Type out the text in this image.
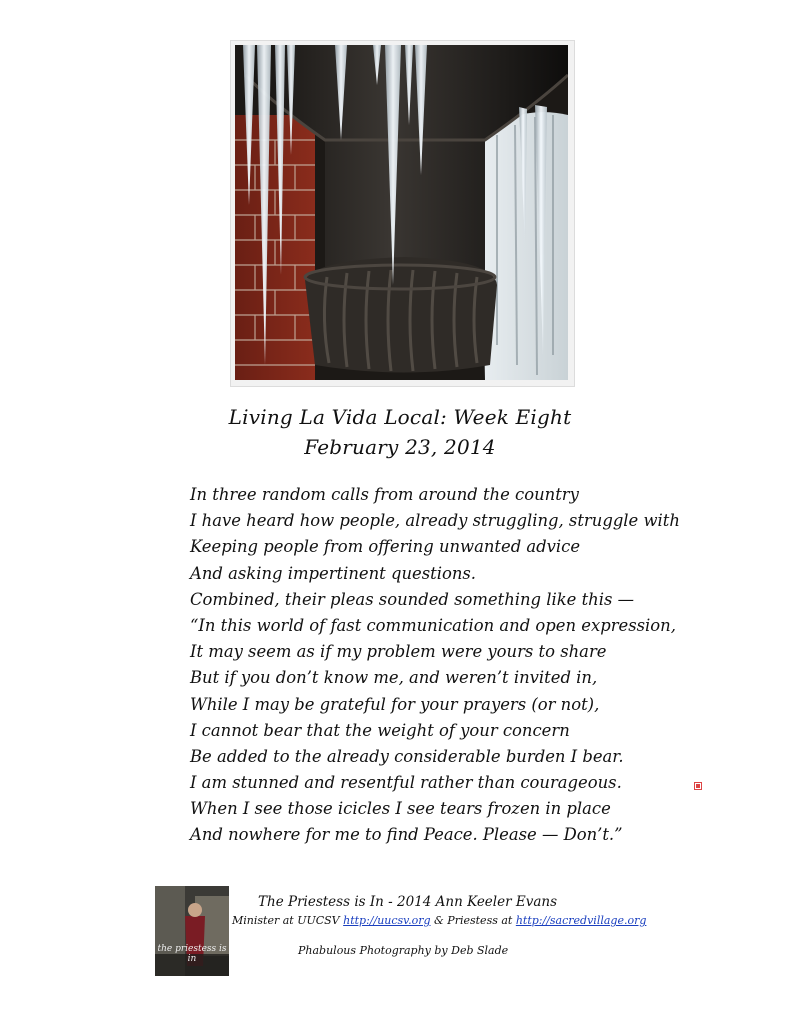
Living La Vida Local: Week Eight
February 23, 2014
In three random calls from around the country
I have heard how people, already struggling, struggle with
Keeping people from offering unwanted advice
And asking impertinent questions.
Combined, their pleas sounded something like this —
“In this world of fast communication and open expression,
It may seem as if my problem were yours to share
But if you don’t know me, and weren’t invited in,
While I may be grateful for your prayers (or not),
I cannot bear that the weight of your concern
Be added to the already considerable burden I bear.
I am stunned and resentful rather than courageous.
When I see those icicles I see tears frozen in place
And nowhere for me to find Peace. Please — Don’t.”
the priestess is in
The Priestess is In - 2014 Ann Keeler Evans
Minister at UUCSV http://uucsv.org & Priestess at http://sacredvillage.org
Phabulous Photography by Deb Slade
